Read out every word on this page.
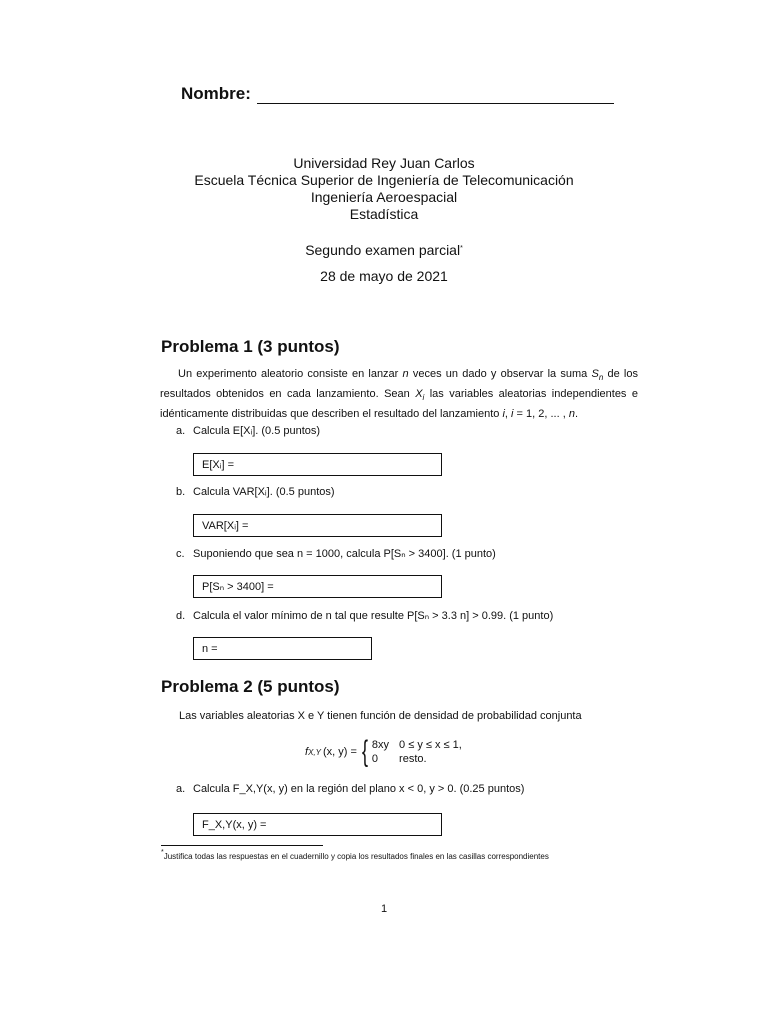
Nombre:
Universidad Rey Juan Carlos
Escuela Técnica Superior de Ingeniería de Telecomunicación
Ingeniería Aeroespacial
Estadística
Segundo examen parcial*
28 de mayo de 2021
Problema 1 (3 puntos)
Un experimento aleatorio consiste en lanzar n veces un dado y observar la suma $S_n$ de los resultados obtenidos en cada lanzamiento. Sean $X_i$ las variables aleatorias independientes e idénticamente distribuidas que describen el resultado del lanzamiento i, i = 1, 2, ... , n.
a. Calcula E[Xᵢ]. (0.5 puntos)
E[Xᵢ] =
b. Calcula VAR[Xᵢ]. (0.5 puntos)
VAR[Xᵢ] =
c. Suponiendo que sea n = 1000, calcula P[Sₙ > 3400]. (1 punto)
P[Sₙ > 3400] =
d. Calcula el valor mínimo de n tal que resulte P[Sₙ > 3.3 n] > 0.99. (1 punto)
n =
Problema 2 (5 puntos)
Las variables aleatorias X e Y tienen función de densidad de probabilidad conjunta
f X,Y (x, y) = { 8xy 0 ≤ y ≤ x ≤ 1,
0	resto.
a. Calcula F_X,Y(x, y) en la región del plano x < 0, y > 0. (0.25 puntos)
F_X,Y(x, y) =
*Justifica todas las respuestas en el cuadernillo y copia los resultados finales en las casillas correspondientes
1
